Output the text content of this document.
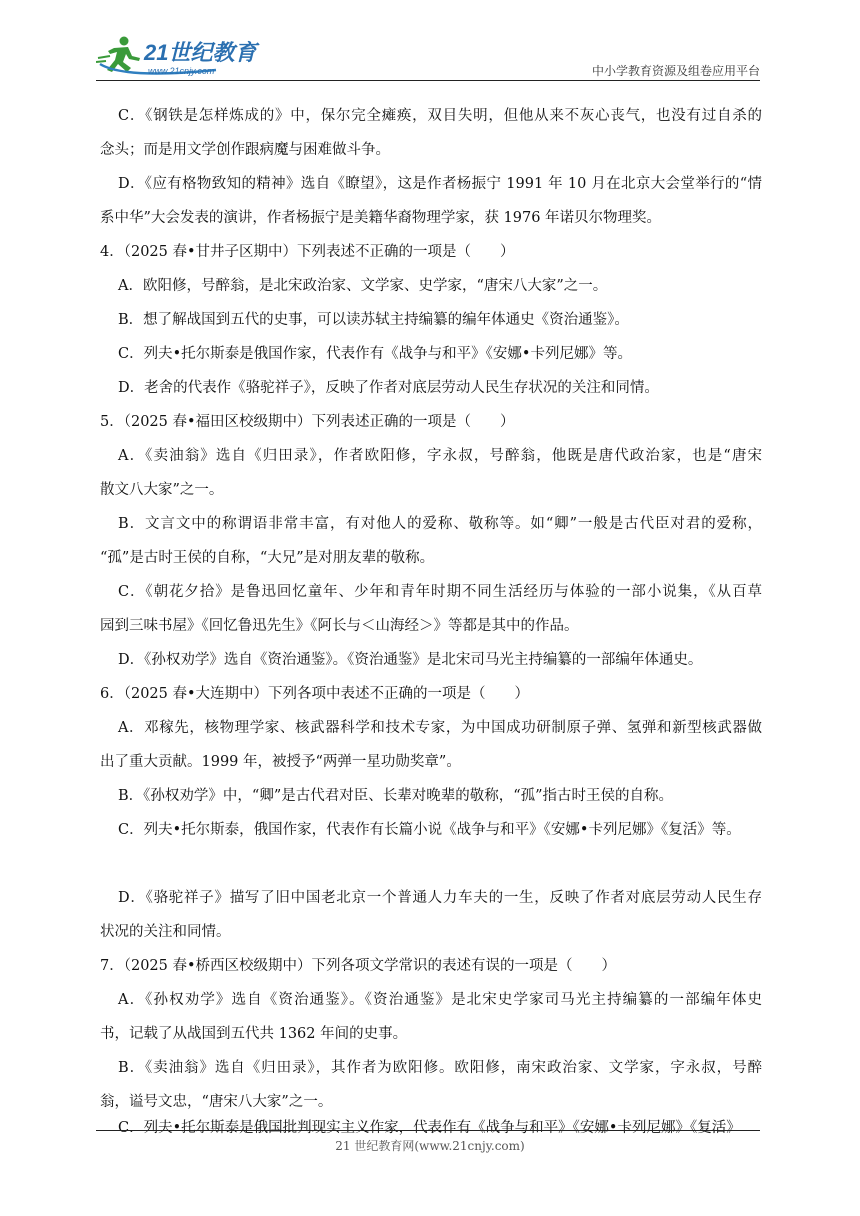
21世纪教育
www.21cnjy.com	中小学教育资源及组卷应用平台
C．《钢铁是怎样炼成的》中，保尔完全瘫痪，双目失明，但他从来不灰心丧气，也没有过自杀的
念头；而是用文学创作跟病魔与困难做斗争。
D．《应有格物致知的精神》选自《瞭望》，这是作者杨振宁 1991 年 10 月在北京大会堂举行的“情
系中华”大会发表的演讲，作者杨振宁是美籍华裔物理学家，获 1976 年诺贝尔物理奖。
4．（2025 春•甘井子区期中）下列表述不正确的一项是（　　）
A．欧阳修，号醉翁，是北宋政治家、文学家、史学家，“唐宋八大家”之一。
B．想了解战国到五代的史事，可以读苏轼主持编纂的编年体通史《资治通鉴》。
C．列夫•托尔斯泰是俄国作家，代表作有《战争与和平》《安娜•卡列尼娜》等。
D．老舍的代表作《骆驼祥子》，反映了作者对底层劳动人民生存状况的关注和同情。
5．（2025 春•福田区校级期中）下列表述正确的一项是（　　）
A．《卖油翁》选自《归田录》，作者欧阳修，字永叔，号醉翁，他既是唐代政治家，也是“唐宋
散文八大家”之一。
B．文言文中的称谓语非常丰富，有对他人的爱称、敬称等。如“卿”一般是古代臣对君的爱称，
“孤”是古时王侯的自称，“大兄”是对朋友辈的敬称。
C．《朝花夕拾》是鲁迅回忆童年、少年和青年时期不同生活经历与体验的一部小说集，《从百草
园到三味书屋》《回忆鲁迅先生》《阿长与＜山海经＞》等都是其中的作品。
D．《孙权劝学》选自《资治通鉴》。《资治通鉴》是北宋司马光主持编纂的一部编年体通史。
6．（2025 春•大连期中）下列各项中表述不正确的一项是（　　）
A．邓稼先，核物理学家、核武器科学和技术专家，为中国成功研制原子弹、氢弹和新型核武器做
出了重大贡献。1999 年，被授予“两弹一星功勋奖章”。
B．《孙权劝学》中，“卿”是古代君对臣、长辈对晚辈的敬称，“孤”指古时王侯的自称。
C．列夫•托尔斯泰，俄国作家，代表作有长篇小说《战争与和平》《安娜•卡列尼娜》《复活》等。
D．《骆驼祥子》描写了旧中国老北京一个普通人力车夫的一生，反映了作者对底层劳动人民生存
状况的关注和同情。
7．（2025 春•桥西区校级期中）下列各项文学常识的表述有误的一项是（　　）
A．《孙权劝学》选自《资治通鉴》。《资治通鉴》是北宋史学家司马光主持编纂的一部编年体史
书，记载了从战国到五代共 1362 年间的史事。
B．《卖油翁》选自《归田录》，其作者为欧阳修。欧阳修，南宋政治家、文学家，字永叔，号醉
翁，谥号文忠，“唐宋八大家”之一。
C．列夫•托尔斯泰是俄国批判现实主义作家，代表作有《战争与和平》《安娜•卡列尼娜》《复活》
21 世纪教育网(www.21cnjy.com)
